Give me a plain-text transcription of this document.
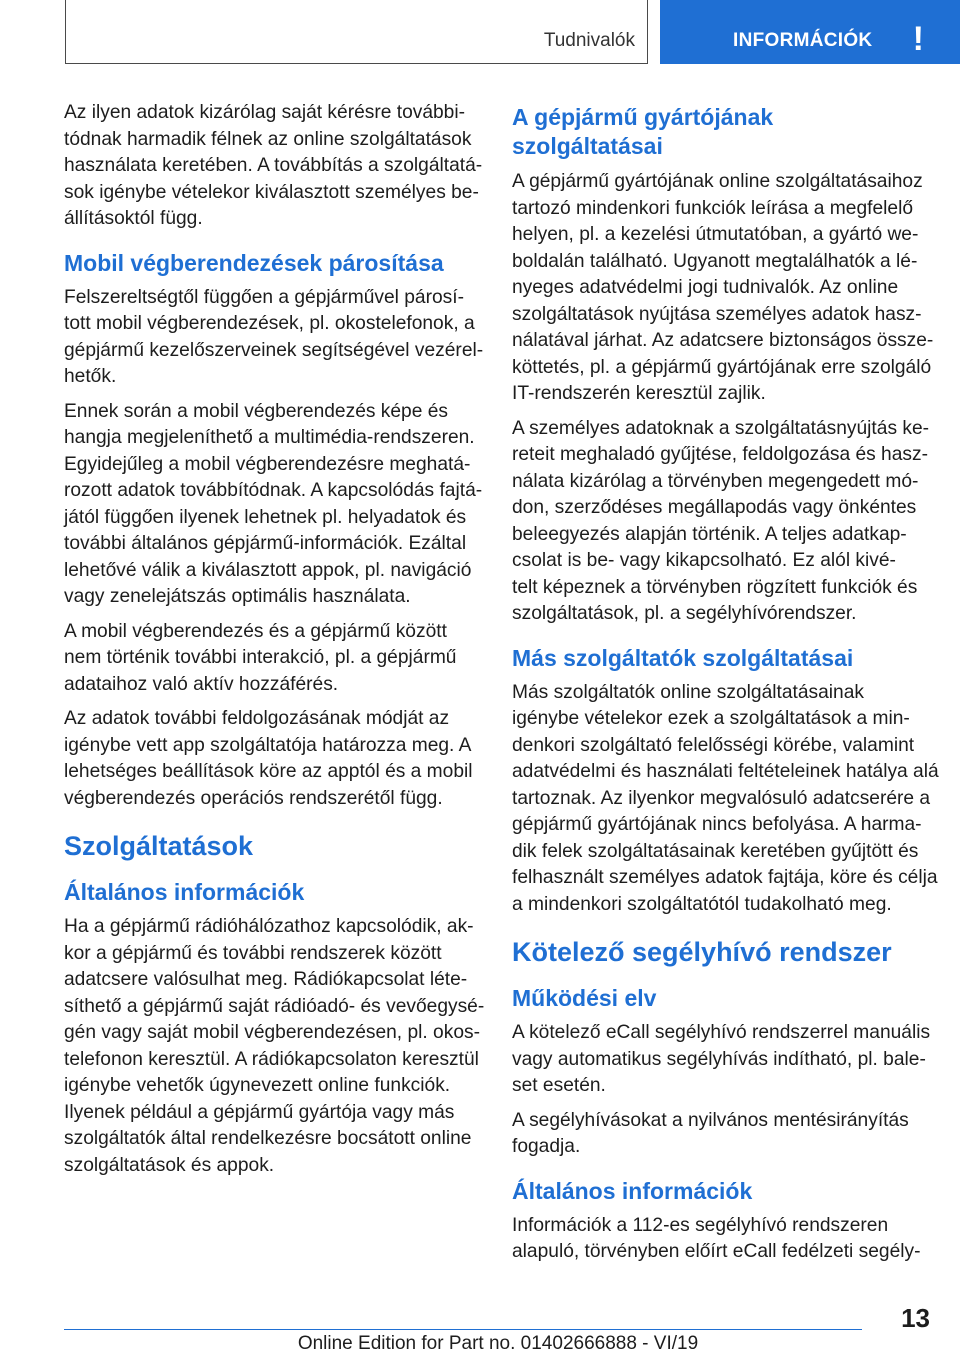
Tudnivalók	INFORMÁCIÓK !

Az ilyen adatok kizárólag saját kérésre további-
tódnak harmadik félnek az online szolgáltatások
használata keretében. A továbbítás a szolgáltatá-
sok igénybe vételekor kiválasztott személyes be-
állításoktól függ.

Mobil végberendezések párosítása

Felszereltségtől függően a gépjárművel párosí-
tott mobil végberendezések, pl. okostelefonok, a
gépjármű kezelőszerveinek segítségével vezérel-
hetők.

Ennek során a mobil végberendezés képe és
hangja megjeleníthető a multimédia-rendszeren.
Egyidejűleg a mobil végberendezésre meghatá-
rozott adatok továbbítódnak. A kapcsolódás fajtá-
jától függően ilyenek lehetnek pl. helyadatok és
további általános gépjármű-információk. Ezáltal
lehetővé válik a kiválasztott appok, pl. navigáció
vagy zenelejátszás optimális használata.

A mobil végberendezés és a gépjármű között
nem történik további interakció, pl. a gépjármű
adataihoz való aktív hozzáférés.

Az adatok további feldolgozásának módját az
igénybe vett app szolgáltatója határozza meg. A
lehetséges beállítások köre az apptól és a mobil
végberendezés operációs rendszerétől függ.

Szolgáltatások
Általános információk

Ha a gépjármű rádióhálózathoz kapcsolódik, ak-
kor a gépjármű és további rendszerek között
adatcsere valósulhat meg. Rádiókapcsolat léte-
síthető a gépjármű saját rádióadó- és vevőegysé-
gén vagy saját mobil végberendezésen, pl. okos-
telefonon keresztül. A rádiókapcsolaton keresztül
igénybe vehetők úgynevezett online funkciók.
Ilyenek például a gépjármű gyártója vagy más
szolgáltatók által rendelkezésre bocsátott online
szolgáltatások és appok.

A gépjármű gyártójának
szolgáltatásai

A gépjármű gyártójának online szolgáltatásaihoz
tartozó mindenkori funkciók leírása a megfelelő
helyen, pl. a kezelési útmutatóban, a gyártó we-
boldalán található. Ugyanott megtalálhatók a lé-
nyeges adatvédelmi jogi tudnivalók. Az online
szolgáltatások nyújtása személyes adatok hasz-
nálatával járhat. Az adatcsere biztonságos össze-
köttetés, pl. a gépjármű gyártójának erre szolgáló
IT-rendszerén keresztül zajlik.

A személyes adatoknak a szolgáltatásnyújtás ke-
reteit meghaladó gyűjtése, feldolgozása és hasz-
nálata kizárólag a törvényben megengedett mó-
don, szerződéses megállapodás vagy önkéntes
beleegyezés alapján történik. A teljes adatkap-
csolat is be- vagy kikapcsolható. Ez alól kivé-
telt képeznek a törvényben rögzített funkciók és
szolgáltatások, pl. a segélyhívórendszer.

Más szolgáltatók szolgáltatásai

Más szolgáltatók online szolgáltatásainak
igénybe vételekor ezek a szolgáltatások a min-
denkori szolgáltató felelősségi körébe, valamint
adatvédelmi és használati feltételeinek hatálya alá
tartoznak. Az ilyenkor megvalósuló adatcserére a
gépjármű gyártójának nincs befolyása. A harma-
dik felek szolgáltatásainak keretében gyűjtött és
felhasznált személyes adatok fajtája, köre és célja
a mindenkori szolgáltatótól tudakolható meg.

Kötelező segélyhívó rendszer
Működési elv

A kötelező eCall segélyhívó rendszerrel manuális
vagy automatikus segélyhívás indítható, pl. bale-
set esetén.

A segélyhívásokat a nyilvános mentésirányítás
fogadja.

Általános információk

Információk a 112-es segélyhívó rendszeren
alapuló, törvényben előírt eCall fedélzeti segély-

13
Online Edition for Part no. 01402666888 - VI/19
